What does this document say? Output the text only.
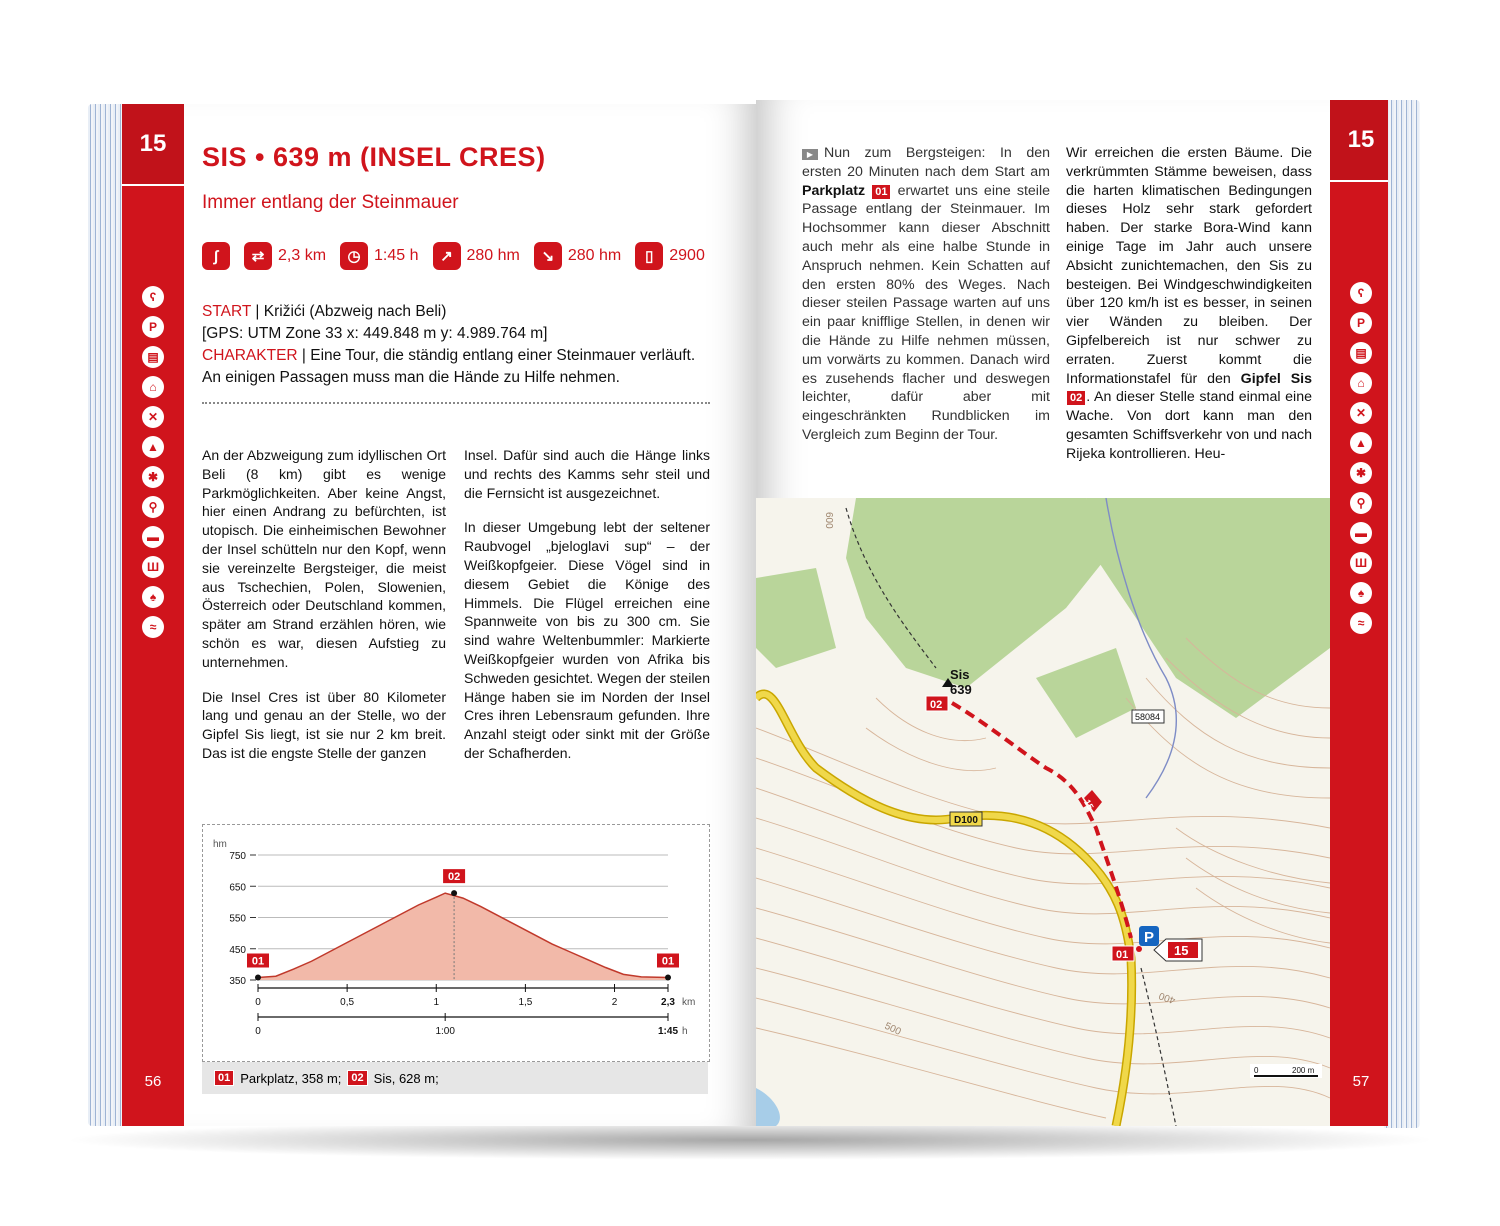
15
ʕ
P
▤
⌂
✕
▲
✱
⚲
▬
Ш
♠
≈
56
SIS • 639 m (INSEL CRES)
Immer entlang der Steinmauer
∫	⇄ 2,3 km	◷ 1:45 h	↗ 280 hm	↘ 280 hm	▯ 2900
START | Križići (Abzweig nach Beli)
[GPS: UTM Zone 33 x: 449.848 m y: 4.989.764 m]
CHARAKTER | Eine Tour, die ständig entlang einer Steinmauer verläuft. An einigen Passagen muss man die Hände zu Hilfe nehmen.

An der Abzweigung zum idyllischen Ort Beli (8 km) gibt es wenige Parkmöglichkeiten. Aber keine Angst, hier einen Andrang zu befürchten, ist utopisch. Die einheimischen Bewohner der Insel schütteln nur den Kopf, wenn sie vereinzelte Bergsteiger, die meist aus Tschechien, Polen, Slowenien, Österreich oder Deutschland kommen, später am Strand erzählen hören, wie schön es war, diesen Aufstieg zu unternehmen.

Die Insel Cres ist über 80 Kilometer lang und genau an der Stelle, wo der Gipfel Sis liegt, ist sie nur 2 km breit. Das ist die engste Stelle der ganzen

Insel. Dafür sind auch die Hänge links und rechts des Kamms sehr steil und die Fernsicht ist ausgezeichnet.

In dieser Umgebung lebt der seltener Raubvogel „bjeloglavi sup“ – der Weißkopfgeier. Diese Vögel sind in diesem Gebiet die Könige des Himmels. Die Flügel erreichen eine Spannweite von bis zu 300 cm. Sie sind wahre Weltenbummler: Markierte Weißkopfgeier wurden von Afrika bis Schweden gesichtet. Wegen der steilen Hänge haben sie im Norden der Insel Cres ihren Lebensraum gefunden. Ihre Anzahl steigt oder sinkt mit der Größe der Schafherden.

hm
750
650
550
450
350
01
02
01
0	0,5	1	1,5	2	2,3 km
0	1:00	1:45 h
01 Parkplatz, 358 m; 02 Sis, 628 m;
15
ʕ
P
▤
⌂
✕
▲
✱
⚲
▬
Ш
♠
≈
57
▶ Nun zum Bergsteigen: In den ersten 20 Minuten nach dem Start am Parkplatz 01 erwartet uns eine steile Passage entlang der Steinmauer. Im Hochsommer kann dieser Abschnitt auch mehr als eine halbe Stunde in Anspruch nehmen. Kein Schatten auf den ersten 80% des Weges. Nach dieser steilen Passage warten auf uns ein paar knifflige Stellen, in denen wir die Hände zu Hilfe nehmen müssen, um vorwärts zu kommen. Danach wird es zusehends flacher und deswegen leichter, dafür aber mit eingeschränkten Rundblicken im Vergleich zum Beginn der Tour.
Wir erreichen die ersten Bäume. Die verkrümmten Stämme beweisen, dass die harten klimatischen Bedingungen dieses Holz sehr stark gefordert haben. Der starke Bora-Wind kann einige Tage im Jahr auch unsere Absicht zunichtemachen, den Sis zu besteigen. Bei Windgeschwindigkeiten über 120 km/h ist es besser, in seinen vier Wänden zu bleiben. Der Gipfelbereich ist nur schwer zu erraten. Zuerst kommt die Informationstafel für den Gipfel Sis 02 . An dieser Stelle stand einmal eine Wache. Von dort kann man den gesamten Schiffsverkehr von und nach Rijeka kontrollieren. Heu-
Sis
639
02
58084
D100
15
P
15
01
600
500
400
0	200 m
